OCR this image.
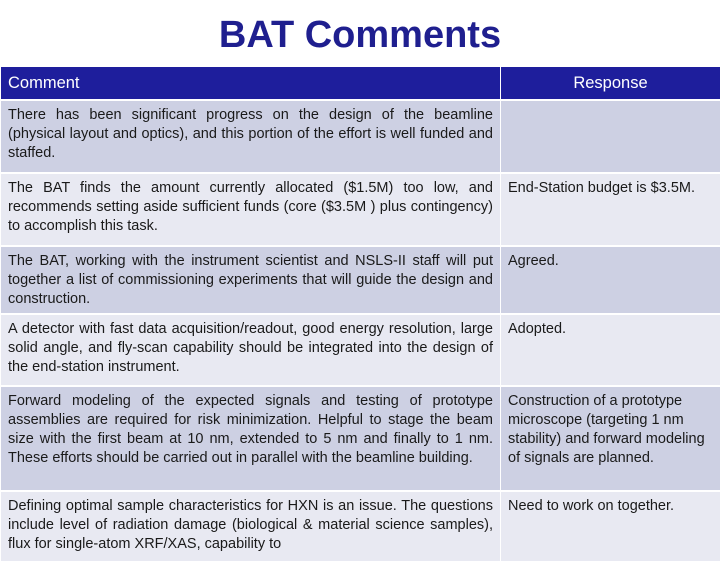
BAT Comments
Comment	Response
There has been significant progress on the design of the beamline (physical layout and optics), and this portion of the effort is well funded and staffed.	
The BAT finds the amount currently allocated ($1.5M) too low, and recommends setting aside sufficient funds (core ($3.5M ) plus contingency) to accomplish this task.	End-Station budget is $3.5M.
The BAT, working with the instrument scientist and NSLS-II staff will put together a list of commissioning experiments that will guide the design and construction.	Agreed.
A detector with fast data acquisition/readout, good energy resolution, large solid angle, and fly-scan capability should be integrated into the design of the end-station instrument.	Adopted.
Forward modeling of the expected signals and testing of prototype assemblies are required for risk minimization. Helpful to stage the beam size with the first beam at 10 nm, extended to 5 nm and finally to 1 nm. These efforts should be carried out in parallel with the beamline building.	Construction of a prototype microscope (targeting 1 nm stability) and forward modeling of signals are planned.
Defining optimal sample characteristics for HXN is an issue. The questions include level of radiation damage (biological & material science samples), flux for single-atom XRF/XAS, capability to	Need to work on together.
